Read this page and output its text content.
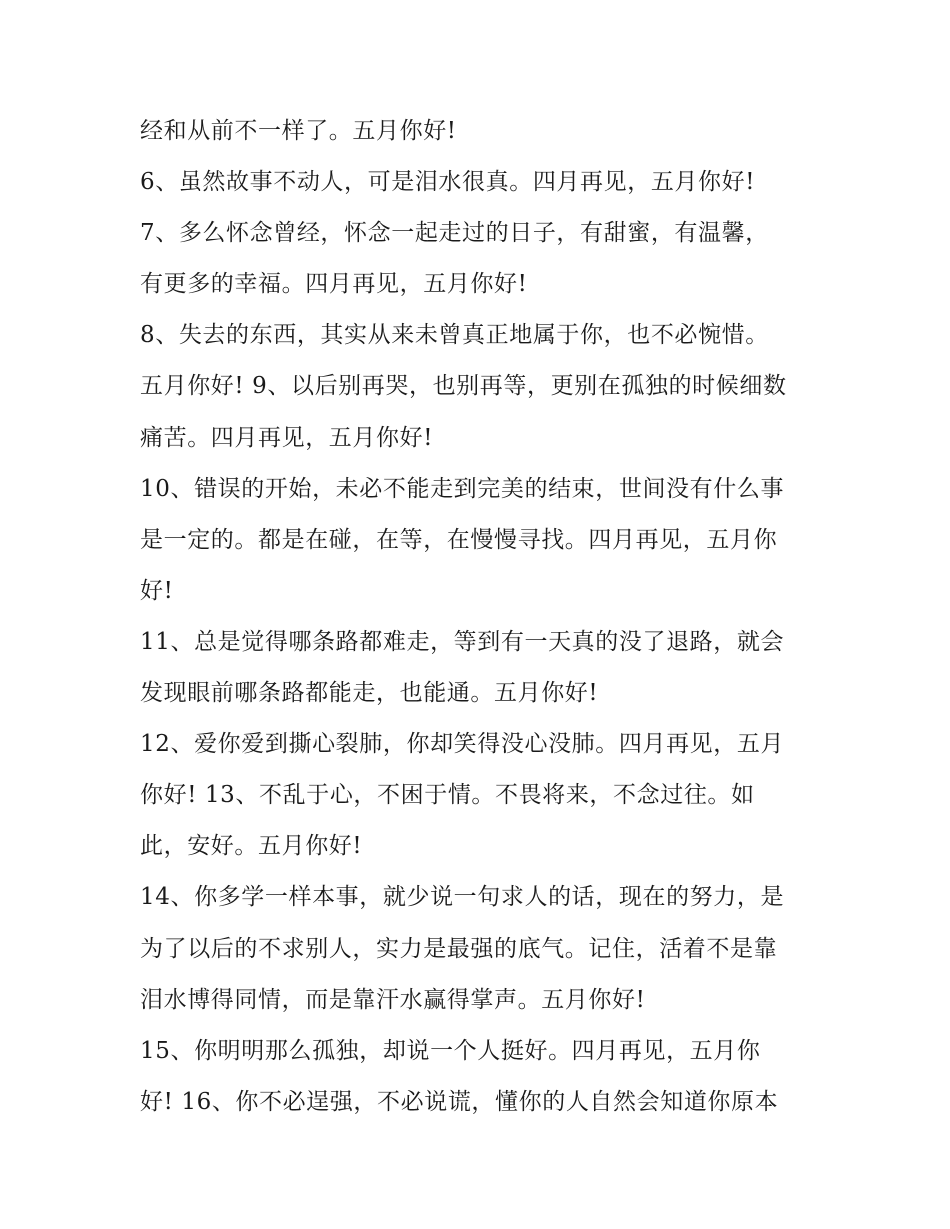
经和从前不一样了。五月你好!
6、虽然故事不动人，可是泪水很真。四月再见，五月你好!
7、多么怀念曾经，怀念一起走过的日子，有甜蜜，有温馨，
有更多的幸福。四月再见，五月你好!
8、失去的东西，其实从来未曾真正地属于你，也不必惋惜。
五月你好! 9、以后别再哭，也别再等，更别在孤独的时候细数
痛苦。四月再见，五月你好!
10、错误的开始，未必不能走到完美的结束，世间没有什么事
是一定的。都是在碰，在等，在慢慢寻找。四月再见，五月你
好!
11、总是觉得哪条路都难走，等到有一天真的没了退路，就会
发现眼前哪条路都能走，也能通。五月你好!
12、爱你爱到撕心裂肺，你却笑得没心没肺。四月再见，五月
你好! 13、不乱于心，不困于情。不畏将来，不念过往。如
此，安好。五月你好!
14、你多学一样本事，就少说一句求人的话，现在的努力，是
为了以后的不求别人，实力是最强的底气。记住，活着不是靠
泪水博得同情，而是靠汗水赢得掌声。五月你好!
15、你明明那么孤独，却说一个人挺好。四月再见，五月你
好! 16、你不必逞强，不必说谎，懂你的人自然会知道你原本
